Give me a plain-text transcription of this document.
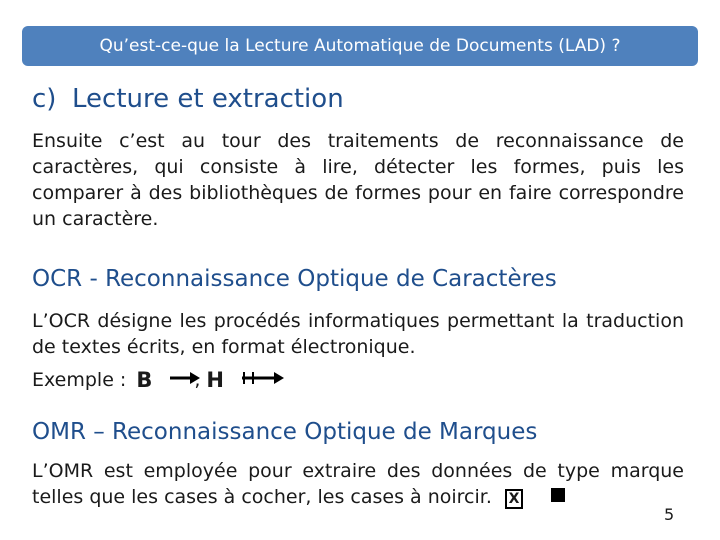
Qu’est-ce-que la Lecture Automatique de Documents (LAD) ?
c) Lecture et extraction
Ensuite c’est au tour des traitements de reconnaissance de caractères, qui consiste à lire, détecter les formes, puis les comparer à des bibliothèques de formes pour en faire correspondre un caractère.
OCR - Reconnaissance Optique de Caractères
L’OCR désigne les procédés informatiques permettant la traduction de textes écrits, en format électronique.
Exemple : B , H
OMR – Reconnaissance Optique de Marques
L’OMR est employée pour extraire des données de type marque telles que les cases à cocher, les cases à noircir.	X
5
